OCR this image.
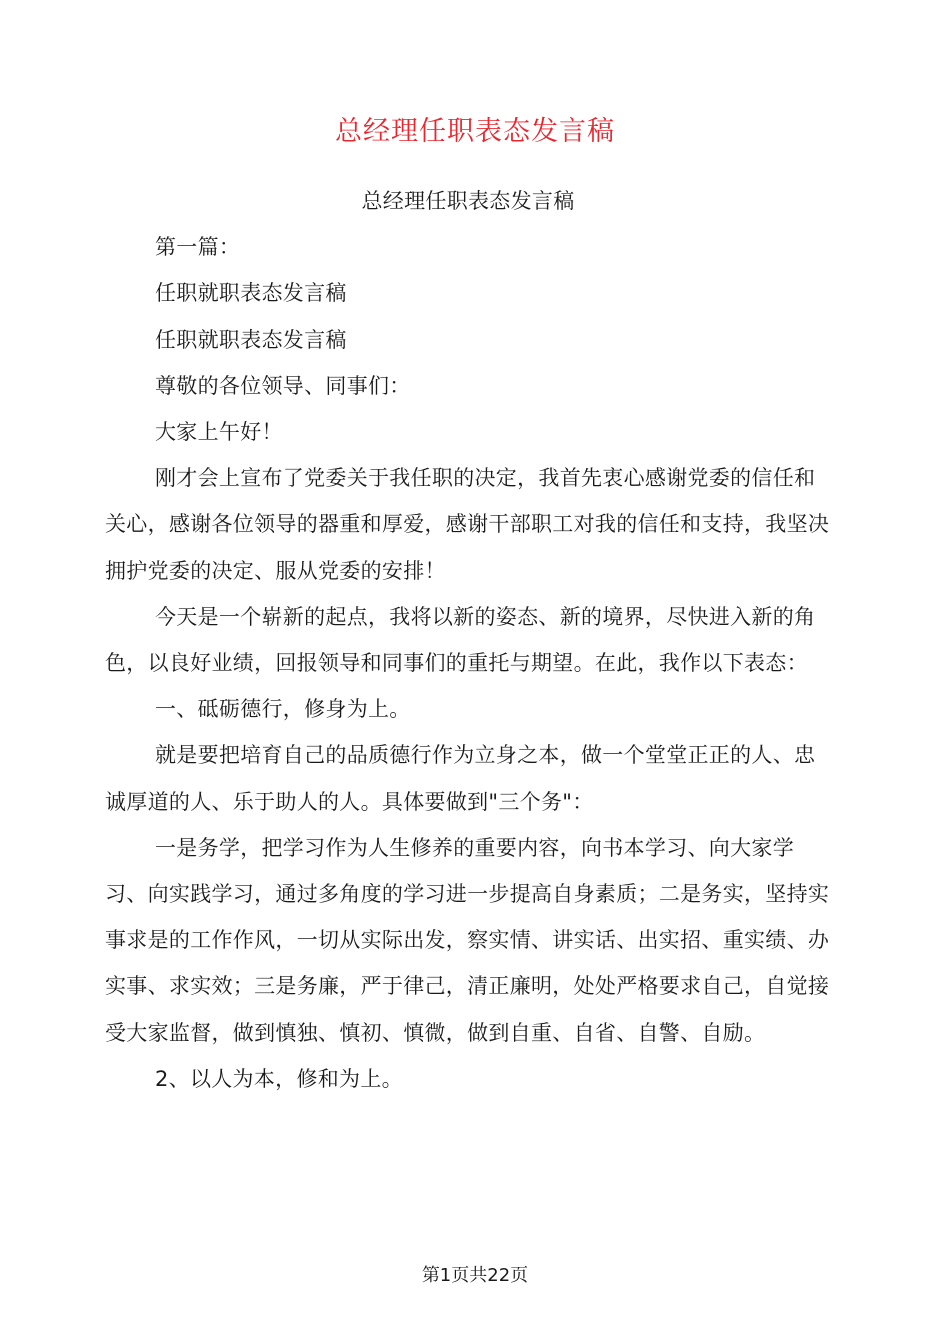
总经理任职表态发言稿

总经理任职表态发言稿

第一篇：

任职就职表态发言稿

任职就职表态发言稿

尊敬的各位领导、同事们：

大家上午好！

刚才会上宣布了党委关于我任职的决定，我首先衷心感谢党委的信任和关心，感谢各位领导的器重和厚爱，感谢干部职工对我的信任和支持，我坚决拥护党委的决定、服从党委的安排！

今天是一个崭新的起点，我将以新的姿态、新的境界，尽快进入新的角色，以良好业绩，回报领导和同事们的重托与期望。在此，我作以下表态：

一、砥砺德行，修身为上。

就是要把培育自己的品质德行作为立身之本，做一个堂堂正正的人、忠诚厚道的人、乐于助人的人。具体要做到"三个务"：

一是务学，把学习作为人生修养的重要内容，向书本学习、向大家学习、向实践学习，通过多角度的学习进一步提高自身素质；二是务实，坚持实事求是的工作作风，一切从实际出发，察实情、讲实话、出实招、重实绩、办实事、求实效；三是务廉，严于律己，清正廉明，处处严格要求自己，自觉接受大家监督，做到慎独、慎初、慎微，做到自重、自省、自警、自励。

2、以人为本，修和为上。

第1页共22页
